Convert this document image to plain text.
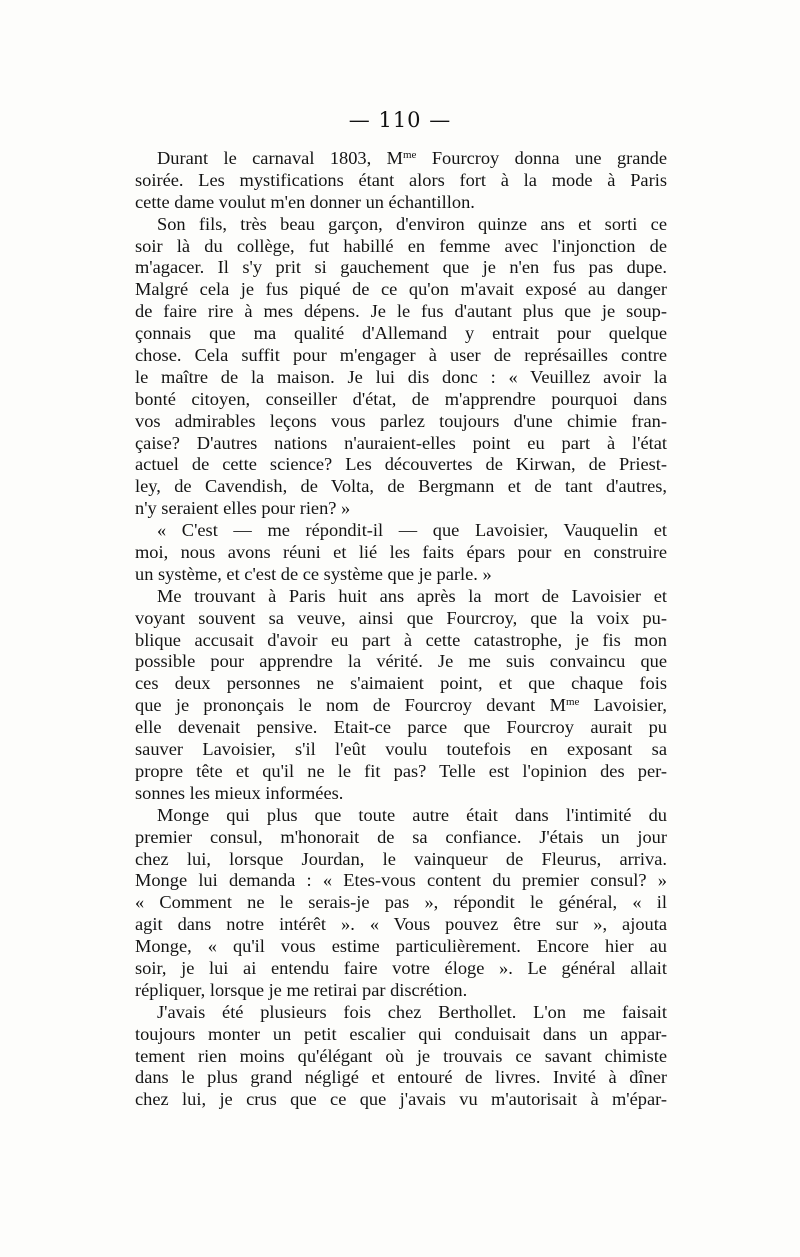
— 110 —
Durant le carnaval 1803, $M^{me}$ Fourcroy donna une grande
soirée. Les mystifications étant alors fort à la mode à Paris
cette dame voulut m'en donner un échantillon.
Son fils, très beau garçon, d'environ quinze ans et sorti ce
soir là du collège, fut habillé en femme avec l'injonction de
m'agacer. Il s'y prit si gauchement que je n'en fus pas dupe.
Malgré cela je fus piqué de ce qu'on m'avait exposé au danger
de faire rire à mes dépens. Je le fus d'autant plus que je soup-
çonnais que ma qualité d'Allemand y entrait pour quelque
chose. Cela suffit pour m'engager à user de représailles contre
le maître de la maison. Je lui dis donc : « Veuillez avoir la
bonté citoyen, conseiller d'état, de m'apprendre pourquoi dans
vos admirables leçons vous parlez toujours d'une chimie fran-
çaise? D'autres nations n'auraient-elles point eu part à l'état
actuel de cette science? Les découvertes de Kirwan, de Priest-
ley, de Cavendish, de Volta, de Bergmann et de tant d'autres,
n'y seraient elles pour rien? »
« C'est — me répondit-il — que Lavoisier, Vauquelin et
moi, nous avons réuni et lié les faits épars pour en construire
un système, et c'est de ce système que je parle. »
Me trouvant à Paris huit ans après la mort de Lavoisier et
voyant souvent sa veuve, ainsi que Fourcroy, que la voix pu-
blique accusait d'avoir eu part à cette catastrophe, je fis mon
possible pour apprendre la vérité. Je me suis convaincu que
ces deux personnes ne s'aimaient point, et que chaque fois
que je prononçais le nom de Fourcroy devant $M^{me}$ Lavoisier,
elle devenait pensive. Etait-ce parce que Fourcroy aurait pu
sauver Lavoisier, s'il l'eût voulu toutefois en exposant sa
propre tête et qu'il ne le fit pas? Telle est l'opinion des per-
sonnes les mieux informées.
Monge qui plus que toute autre était dans l'intimité du
premier consul, m'honorait de sa confiance. J'étais un jour
chez lui, lorsque Jourdan, le vainqueur de Fleurus, arriva.
Monge lui demanda : « Etes-vous content du premier consul? »
« Comment ne le serais-je pas », répondit le général, « il
agit dans notre intérêt ». « Vous pouvez être sur », ajouta
Monge, « qu'il vous estime particulièrement. Encore hier au
soir, je lui ai entendu faire votre éloge ». Le général allait
répliquer, lorsque je me retirai par discrétion.
J'avais été plusieurs fois chez Berthollet. L'on me faisait
toujours monter un petit escalier qui conduisait dans un appar-
tement rien moins qu'élégant où je trouvais ce savant chimiste
dans le plus grand négligé et entouré de livres. Invité à dîner
chez lui, je crus que ce que j'avais vu m'autorisait à m'épar-
